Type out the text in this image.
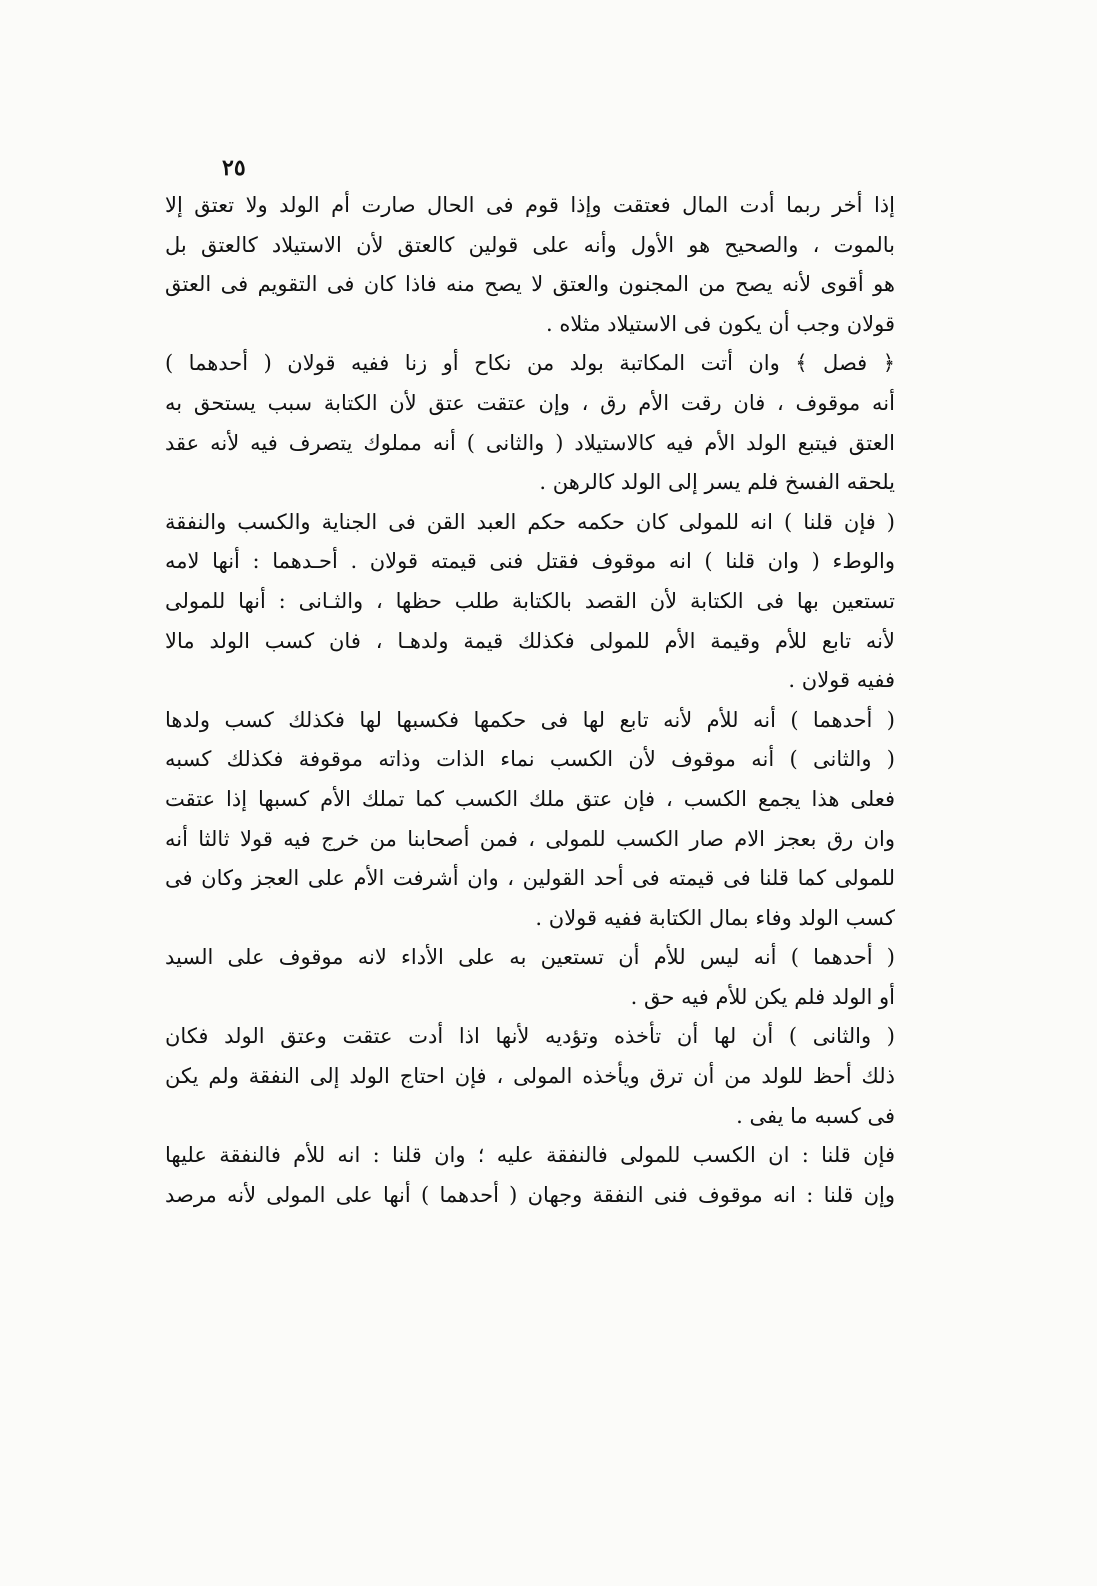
٢٥
إذا أخر ربما أدت المال فعتقت وإذا قوم فى الحال صارت أم الولد ولا تعتق إلا
بالموت ، والصحيح هو الأول وأنه على قولين كالعتق لأن الاستيلاد كالعتق بل
هو أقوى لأنه يصح من المجنون والعتق لا يصح منه فاذا كان فى التقويم فى العتق
قولان وجب أن يكون فى الاستيلاد مثلاه .
﴿ فصل ﴾ وان أتت المكاتبة بولد من نكاح أو زنا ففيه قولان ( أحدهما )
أنه موقوف ، فان رقت الأم رق ، وإن عتقت عتق لأن الكتابة سبب يستحق به
العتق فيتبع الولد الأم فيه كالاستيلاد ( والثانى ) أنه مملوك يتصرف فيه لأنه عقد
يلحقه الفسخ فلم يسر إلى الولد كالرهن .
( فإن قلنا ) انه للمولى كان حكمه حكم العبد القن فى الجناية والكسب والنفقة
والوطء ( وان قلنا ) انه موقوف فقتل فنى قيمته قولان . أحـدهما : أنها لامه
تستعين بها فى الكتابة لأن القصد بالكتابة طلب حظها ، والثـانى : أنها للمولى
لأنه تابع للأم وقيمة الأم للمولى فكذلك قيمة ولدهـا ، فان كسب الولد مالا
ففيه قولان .
( أحدهما ) أنه للأم لأنه تابع لها فى حكمها فكسبها لها فكذلك كسب ولدها
( والثانى ) أنه موقوف لأن الكسب نماء الذات وذاته موقوفة فكذلك كسبه
فعلى هذا يجمع الكسب ، فإن عتق ملك الكسب كما تملك الأم كسبها إذا عتقت
وان رق بعجز الام صار الكسب للمولى ، فمن أصحابنا من خرج فيه قولا ثالثا أنه
للمولى كما قلنا فى قيمته فى أحد القولين ، وان أشرفت الأم على العجز وكان فى
كسب الولد وفاء بمال الكتابة ففيه قولان .
( أحدهما ) أنه ليس للأم أن تستعين به على الأداء لانه موقوف على السيد
أو الولد فلم يكن للأم فيه حق .
( والثانى ) أن لها أن تأخذه وتؤديه لأنها اذا أدت عتقت وعتق الولد فكان
ذلك أحظ للولد من أن ترق ويأخذه المولى ، فإن احتاج الولد إلى النفقة ولم يكن
فى كسبه ما يفى .
فإن قلنا : ان الكسب للمولى فالنفقة عليه ؛ وان قلنا : انه للأم فالنفقة عليها
وإن قلنا : انه موقوف فنى النفقة وجهان ( أحدهما ) أنها على المولى لأنه مرصد
